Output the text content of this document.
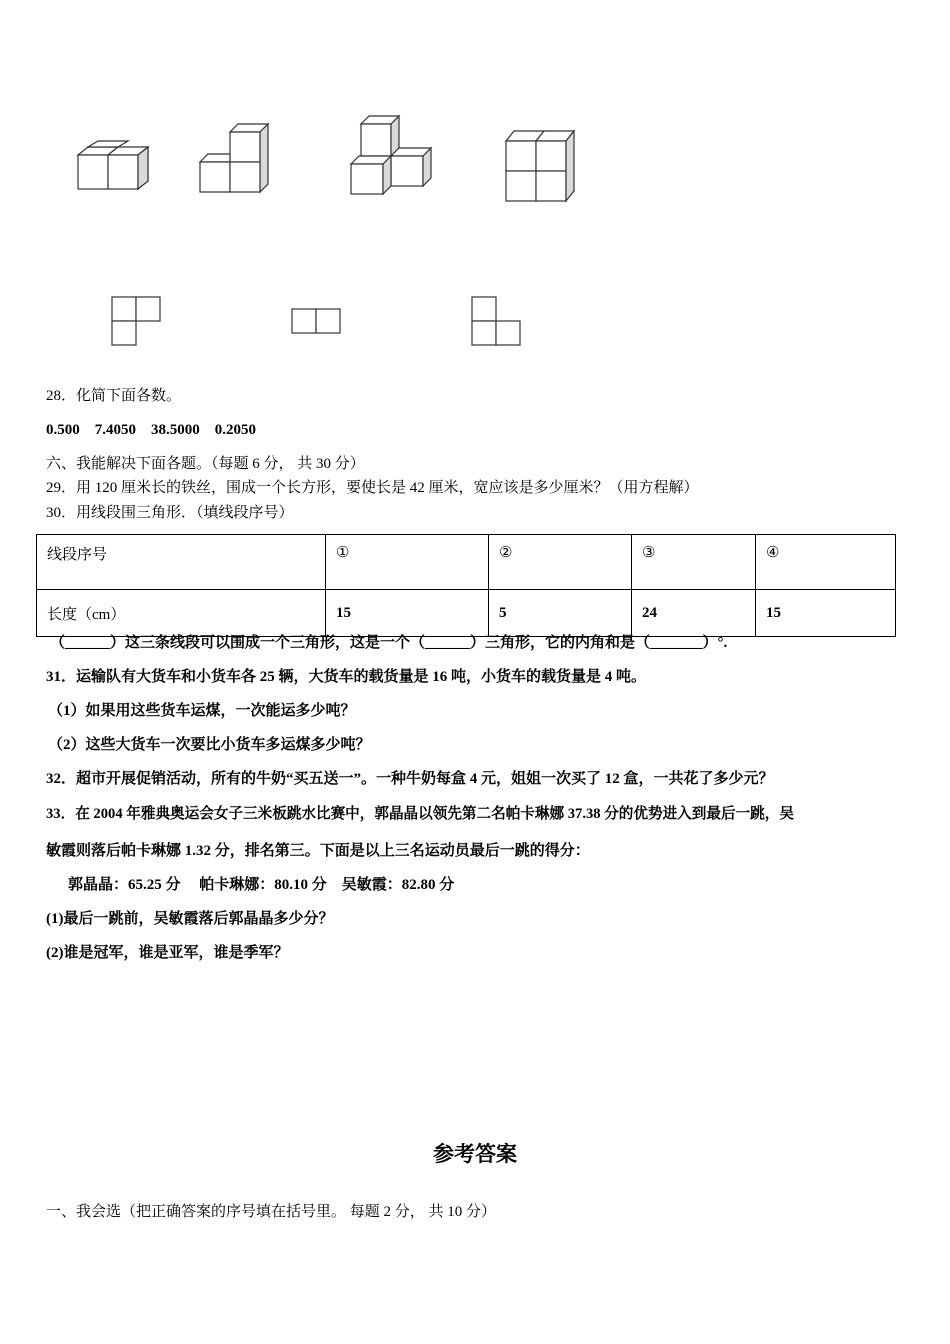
28．化简下面各数。
0.500　7.4050　38.5000　0.2050
六、我能解决下面各题。（每题 6 分， 共 30 分）
29．用 120 厘米长的铁丝，围成一个长方形，要使长是 42 厘米，宽应该是多少厘米？（用方程解）
30．用线段围三角形．（填线段序号）
线段序号	①	②	③	④
长度（cm）	15	5	24	15
（______）这三条线段可以围成一个三角形，这是一个（______）三角形，它的内角和是（_______）°.
31．运输队有大货车和小货车各 25 辆，大货车的载货量是 16 吨，小货车的载货量是 4 吨。
（1）如果用这些货车运煤，一次能运多少吨？
（2）这些大货车一次要比小货车多运煤多少吨？
32．超市开展促销活动，所有的牛奶“买五送一”。一种牛奶每盒 4 元，姐姐一次买了 12 盒，一共花了多少元？
33．在 2004 年雅典奥运会女子三米板跳水比赛中，郭晶晶以领先第二名帕卡琳娜 37.38 分的优势进入到最后一跳，吴
敏霞则落后帕卡琳娜 1.32 分，排名第三。下面是以上三名运动员最后一跳的得分：
郭晶晶：65.25 分　 帕卡琳娜：80.10 分　吴敏霞：82.80 分
(1)最后一跳前，吴敏霞落后郭晶晶多少分？
(2)谁是冠军，谁是亚军，谁是季军？
参考答案
一、我会选（把正确答案的序号填在括号里。 每题 2 分， 共 10 分）
